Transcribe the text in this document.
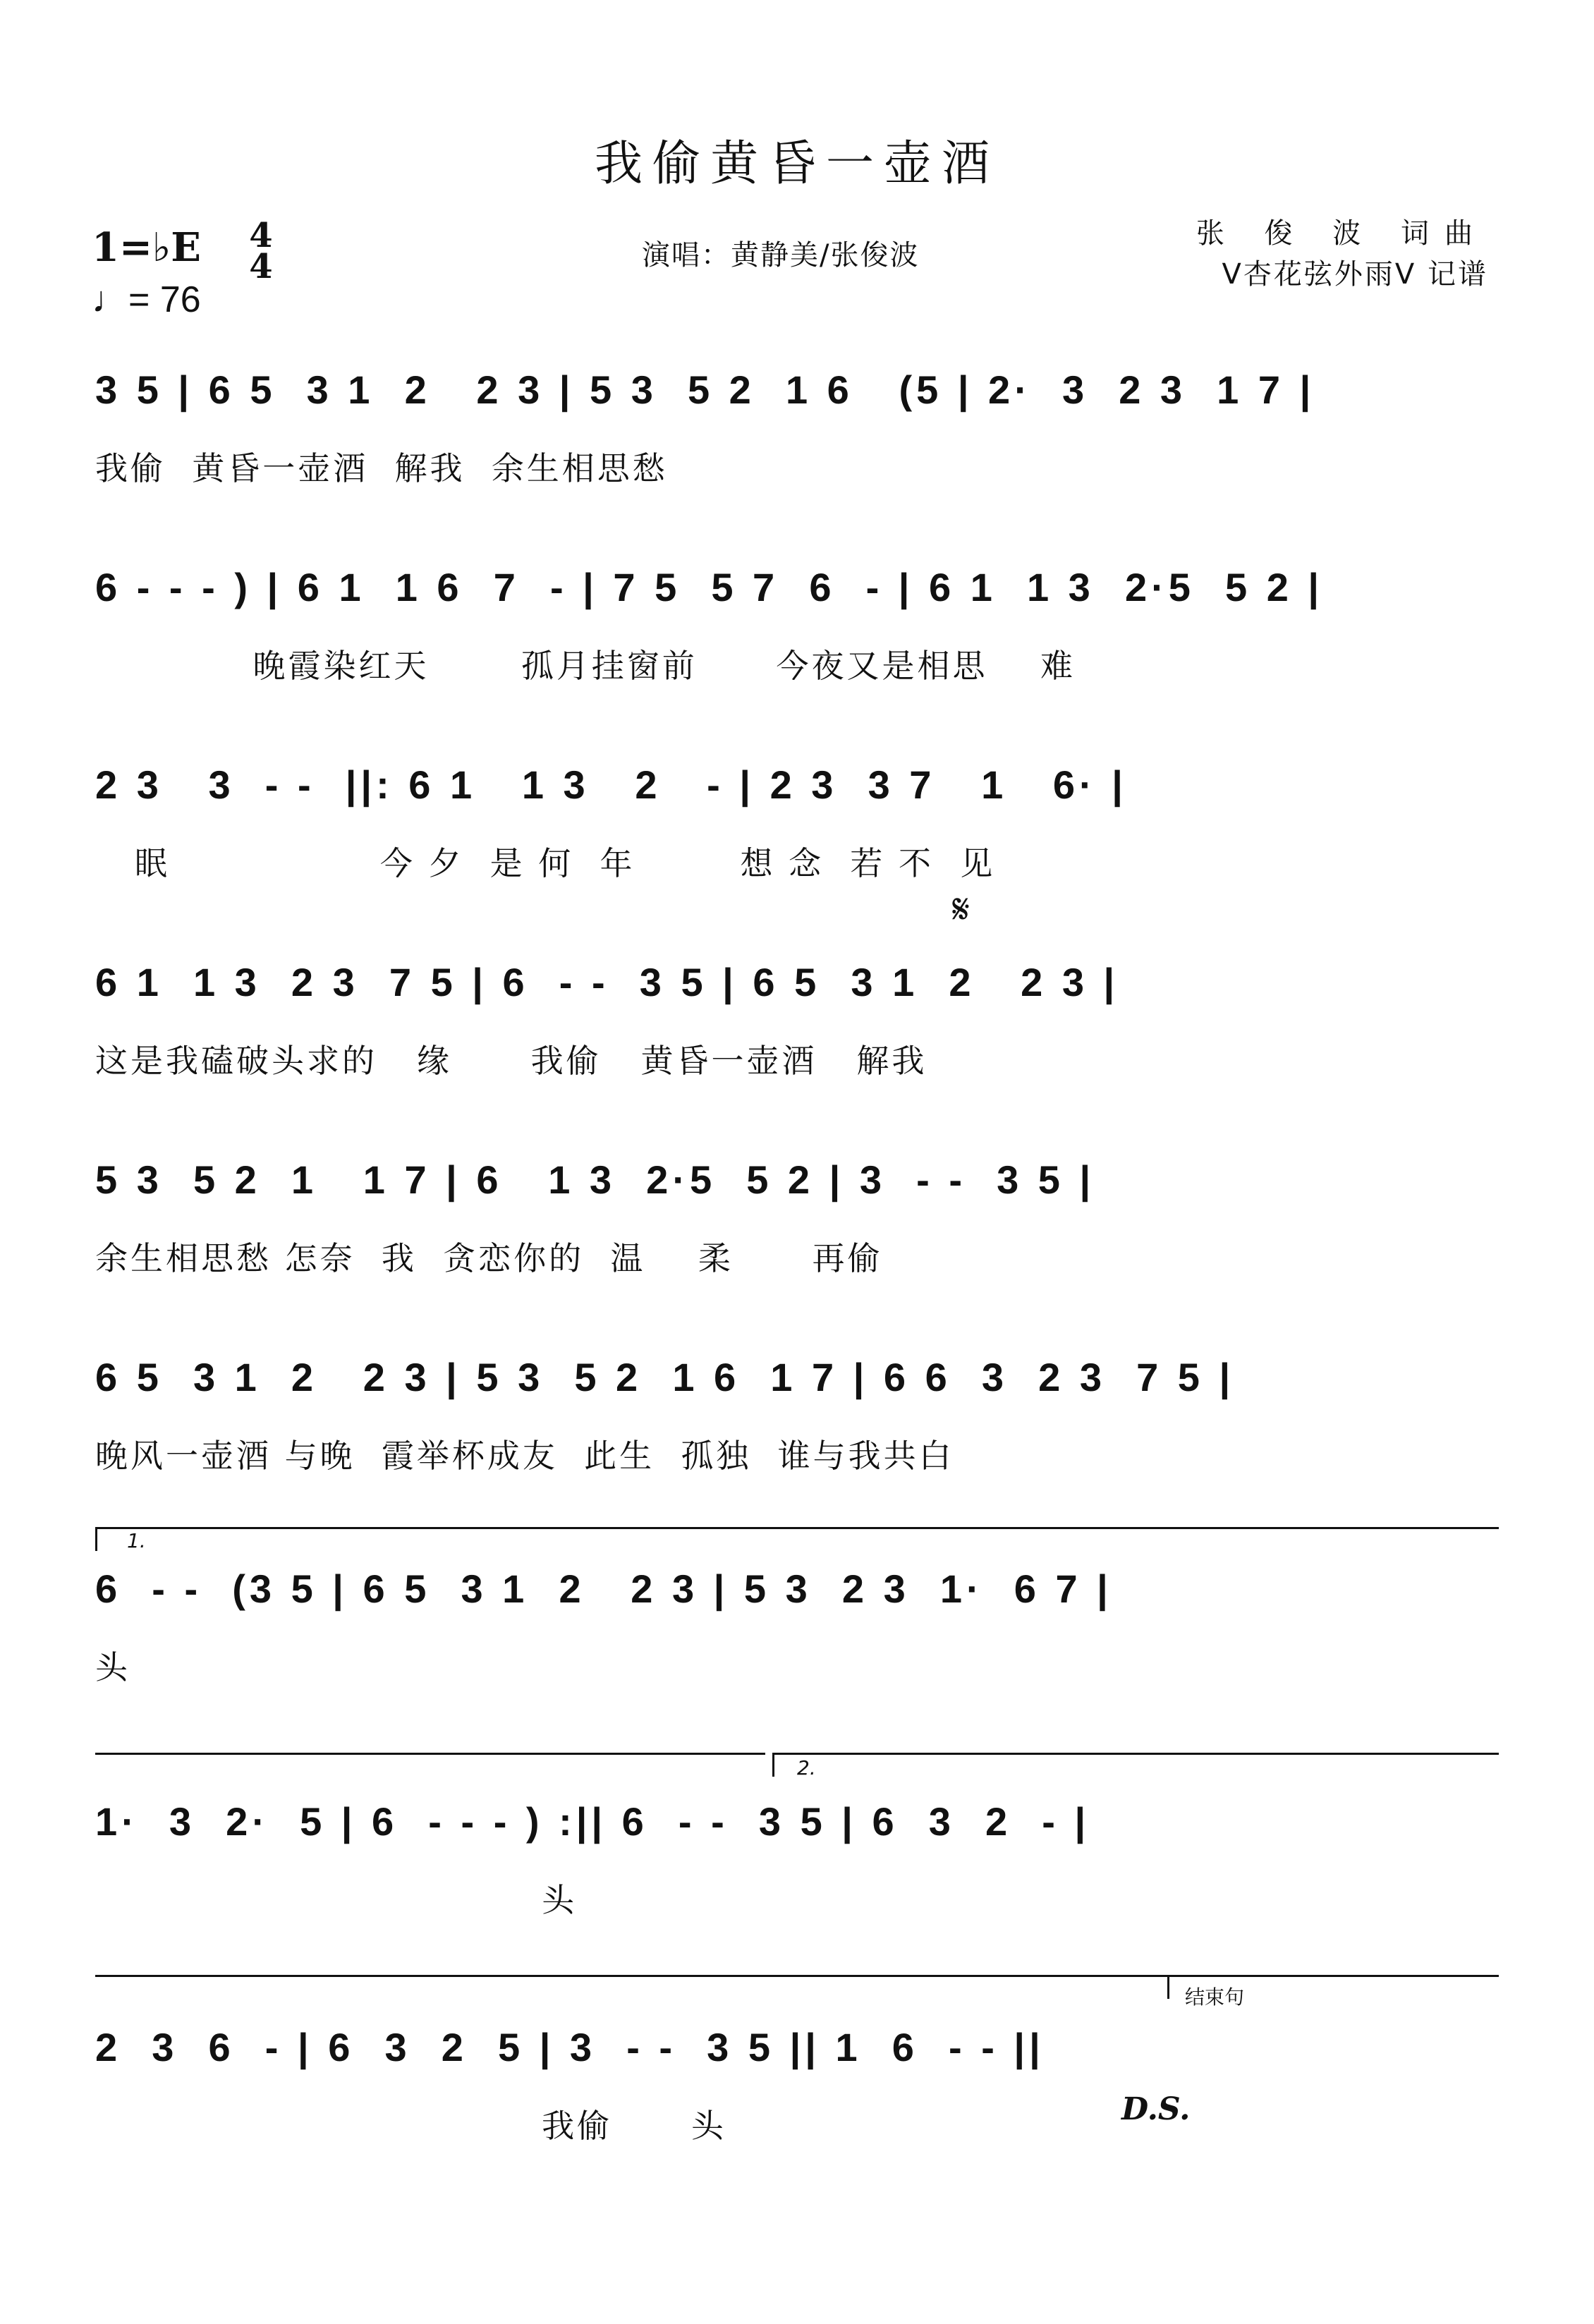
我偷黄昏一壶酒
1=♭E 4
4
♩= 76
演唱：黄静美/张俊波
张 俊 波 词曲
V杏花弦外雨V 记谱
3 5 | 6 5  3 1  2   2 3 | 5 3  5 2  1 6   (5 | 2·  3  2 3  1 7 |
我偷  黄昏一壶酒  解我  余生相思愁
6 - - - ) | 6 1  1 6  7  - | 7 5  5 7  6  - | 6 1  1 3  2·5  5 2 |
晚霞染红天       孤月挂窗前      今夜又是相思    难
2 3   3  - -  ||: 6 1   1 3   2   - | 2 3  3 7   1   6· |
眠                今 夕  是 何  年        想 念  若 不  见
𝄋
6 1  1 3  2 3  7 5 | 6  - -  3 5 | 6 5  3 1  2   2 3 |
这是我磕破头求的   缘      我偷   黄昏一壶酒   解我
5 3  5 2  1   1 7 | 6   1 3  2·5  5 2 | 3  - -  3 5 |
余生相思愁 怎奈  我  贪恋你的  温    柔      再偷
6 5  3 1  2   2 3 | 5 3  5 2  1 6  1 7 | 6 6  3  2 3  7 5 |
晚风一壶酒 与晚  霞举杯成友  此生  孤独  谁与我共白
1.
6  - -  (3 5 | 6 5  3 1  2   2 3 | 5 3  2 3  1·  6 7 |
头
2.
1·  3  2·  5 | 6  - - - ) :|| 6  - -  3 5 | 6  3  2  - |
头
结束句
2  3  6  - | 6  3  2  5 | 3  - -  3 5 || 1  6  - - ||
我偷      头	D.S.
